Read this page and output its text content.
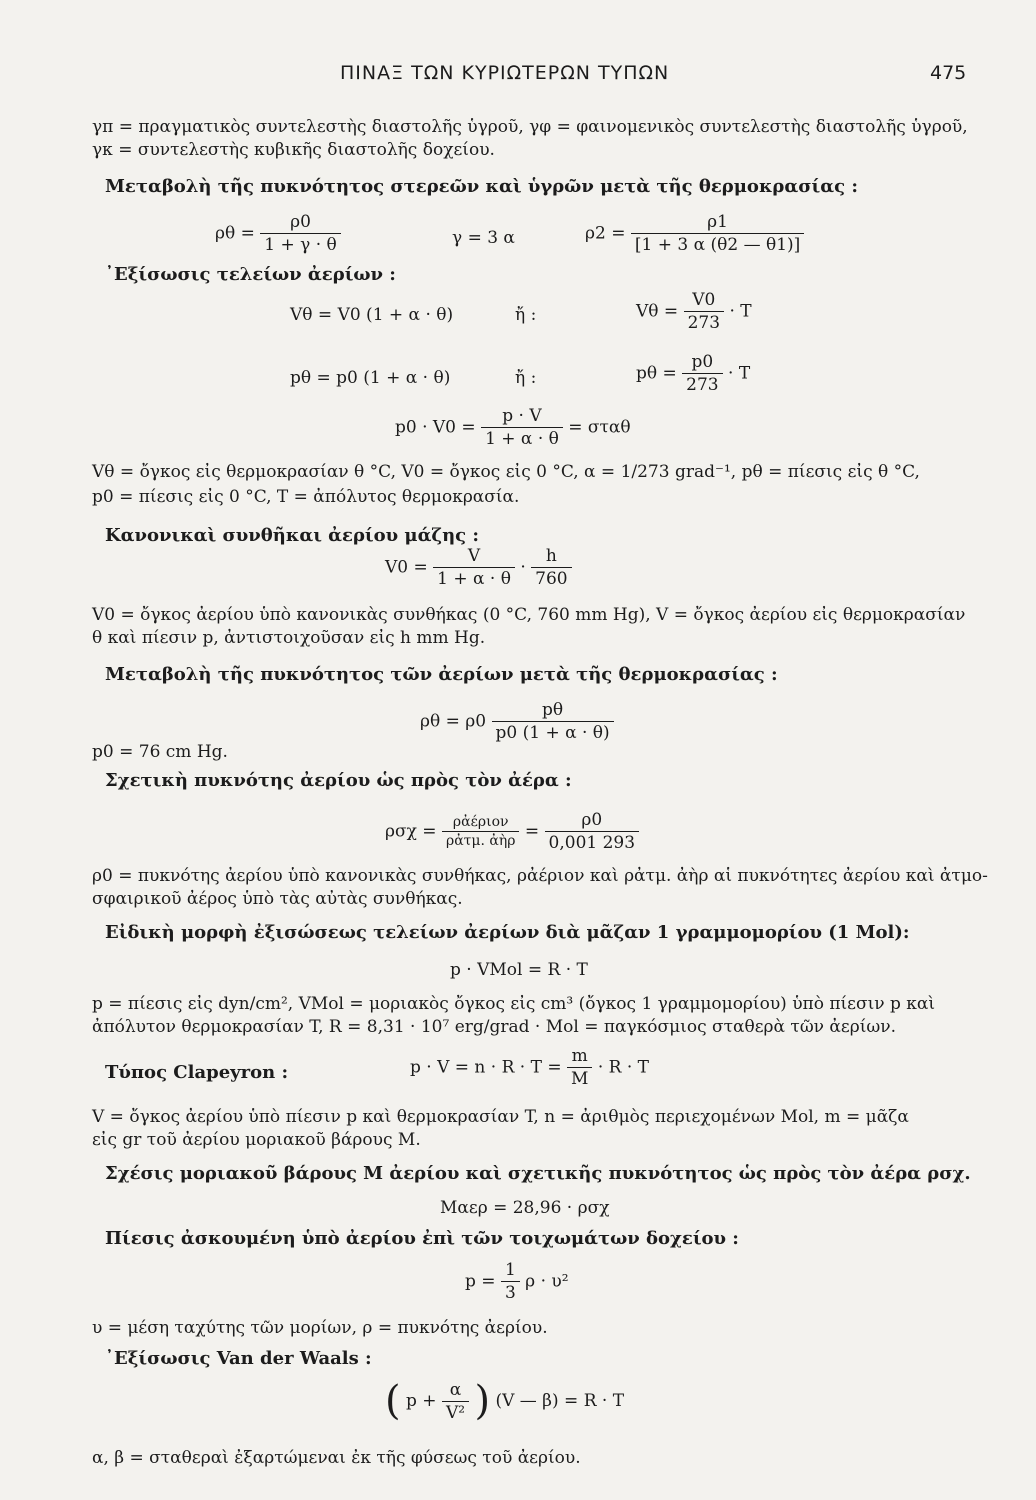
ΠΙΝΑΞ ΤΩΝ ΚΥΡΙΩΤΕΡΩΝ ΤΥΠΩΝ	475
γπ = πραγματικὸς συντελεστὴς διαστολῆς ὑγροῦ, γφ = φαινομενικὸς συντελεστὴς διαστολῆς ὑγροῦ,
γκ = συντελεστὴς κυβικῆς διαστολῆς δοχείου.
Μεταβολὴ τῆς πυκνότητος στερεῶν καὶ ὑγρῶν μετὰ τῆς θερμοκρασίας :
$\rho\theta = \frac{\rho 0}{1 + \gamma \cdot \theta}$	γ = 3 α	$\rho 2 = \frac{\rho 1}{[1 + 3 \alpha (\theta 2 — \theta 1)]}$
᾿Εξίσωσις τελείων ἀερίων :
Vθ = V0 (1 + α · θ)	ἤ :	$V\theta = \frac{V0}{273} \cdot T$
pθ = p0 (1 + α · θ)	ἤ :	$p\theta = \frac{p0}{273} \cdot T$
$p0 \cdot V0 = \frac{p \cdot V}{1 + \alpha \cdot \theta} = \sigma\tau\alpha\theta$
Vθ = ὄγκος εἰς θερμοκρασίαν θ °C, V0 = ὄγκος εἰς 0 °C, α = 1/273 grad⁻¹, pθ = πίεσις εἰς θ °C,
p0 = πίεσις εἰς 0 °C, T = ἀπόλυτος θερμοκρασία.
Κανονικαὶ συνθῆκαι ἀερίου μάζης :
$V0 = \frac{V}{1 + \alpha \cdot \theta} \cdot \frac{h}{760}$
V0 = ὄγκος ἀερίου ὑπὸ κανονικὰς συνθήκας (0 °C, 760 mm Hg), V = ὄγκος ἀερίου εἰς θερμοκρασίαν
θ καὶ πίεσιν p, ἀντιστοιχοῦσαν εἰς h mm Hg.
Μεταβολὴ τῆς πυκνότητος τῶν ἀερίων μετὰ τῆς θερμοκρασίας :
$\rho\theta = \rho 0 \frac{p\theta}{p0 (1 + \alpha \cdot \theta)}$
p0 = 76 cm Hg.
Σχετικὴ πυκνότης ἀερίου ὡς πρὸς τὸν ἀέρα :
$\rho\sigma\chi = \frac{\text{ρἀέριον}}{\text{ρἀτμ. ἀὴρ}} = \frac{\rho 0}{0,001 293}$
ρ0 = πυκνότης ἀερίου ὑπὸ κανονικὰς συνθήκας, ρἀέριον καὶ ρἀτμ. ἀὴρ αἱ πυκνότητες ἀερίου καὶ ἀτμο-
σφαιρικοῦ ἀέρος ὑπὸ τὰς αὐτὰς συνθήκας.
Εἰδικὴ μορφὴ ἐξισώσεως τελείων ἀερίων διὰ μᾶζαν 1 γραμμομορίου (1 Mol):
p · VMol = R · T
p = πίεσις εἰς dyn/cm², VMol = μοριακὸς ὄγκος εἰς cm³ (ὄγκος 1 γραμμομορίου) ὑπὸ πίεσιν p καὶ
ἀπόλυτον θερμοκρασίαν T, R = 8,31 · 10⁷ erg/grad · Mol = παγκόσμιος σταθερὰ τῶν ἀερίων.
Τύπος Clapeyron :	$p \cdot V = n \cdot R \cdot T = \frac{m}{M} \cdot R \cdot T$
V = ὄγκος ἀερίου ὑπὸ πίεσιν p καὶ θερμοκρασίαν T, n = ἀριθμὸς περιεχομένων Mol, m = μᾶζα
εἰς gr τοῦ ἀερίου μοριακοῦ βάρους M.
Σχέσις μοριακοῦ βάρους M ἀερίου καὶ σχετικῆς πυκνότητος ὡς πρὸς τὸν ἀέρα ρσχ.
Mαερ = 28,96 · ρσχ
Πίεσις ἀσκουμένη ὑπὸ ἀερίου ἐπὶ τῶν τοιχωμάτων δοχείου :
$p = \frac{1}{3}$ ρ · υ²
υ = μέση ταχύτης τῶν μορίων, ρ = πυκνότης ἀερίου.
᾿Εξίσωσις Van der Waals :
( $p + \frac{\alpha}{\text{V²}}$ ) (V — β) = R · T
α, β = σταθεραὶ ἐξαρτώμεναι ἐκ τῆς φύσεως τοῦ ἀερίου.
